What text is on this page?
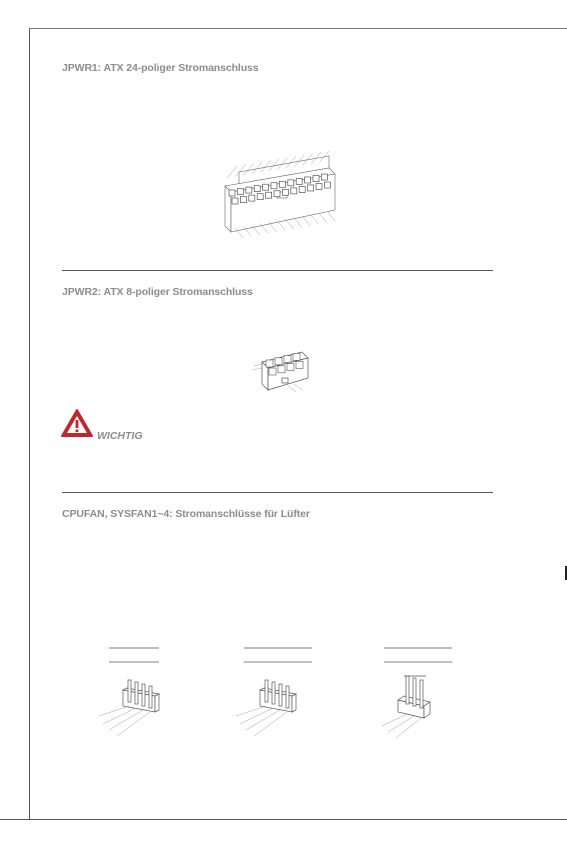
JPWR1: ATX 24-poliger Stromanschluss
JPWR2: ATX 8-poliger Stromanschluss
WICHTIG
CPUFAN, SYSFAN1~4: Stromanschlüsse für Lüfter
